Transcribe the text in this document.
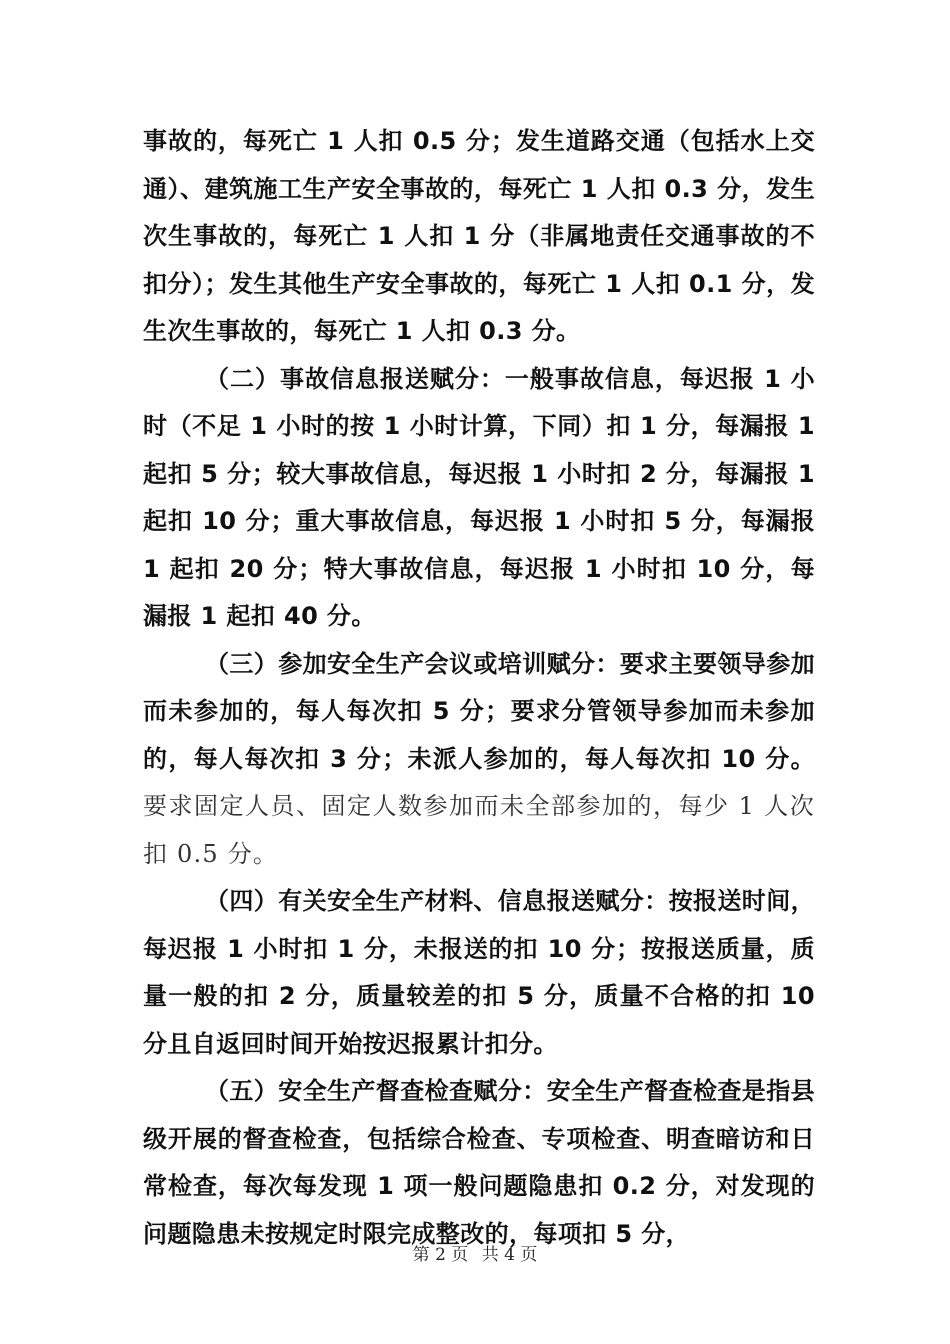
事故的，每死亡 1 人扣 0.5 分；发生道路交通（包括水上交通）、建筑施工生产安全事故的，每死亡 1 人扣 0.3 分，发生次生事故的，每死亡 1 人扣 1 分（非属地责任交通事故的不扣分）；发生其他生产安全事故的，每死亡 1 人扣 0.1 分，发生次生事故的，每死亡 1 人扣 0.3 分。

（二）事故信息报送赋分：一般事故信息，每迟报 1 小时（不足 1 小时的按 1 小时计算，下同）扣 1 分，每漏报 1 起扣 5 分；较大事故信息，每迟报 1 小时扣 2 分，每漏报 1 起扣 10 分；重大事故信息，每迟报 1 小时扣 5 分，每漏报 1 起扣 20 分；特大事故信息，每迟报 1 小时扣 10 分，每漏报 1 起扣 40 分。

（三）参加安全生产会议或培训赋分：要求主要领导参加而未参加的，每人每次扣 5 分；要求分管领导参加而未参加的，每人每次扣 3 分；未派人参加的，每人每次扣 10 分。要求固定人员、固定人数参加而未全部参加的，每少 1 人次扣 0.5 分。

（四）有关安全生产材料、信息报送赋分：按报送时间，每迟报 1 小时扣 1 分，未报送的扣 10 分；按报送质量，质量一般的扣 2 分，质量较差的扣 5 分，质量不合格的扣 10 分且自返回时间开始按迟报累计扣分。

（五）安全生产督查检查赋分：安全生产督查检查是指县级开展的督查检查，包括综合检查、专项检查、明查暗访和日常检查，每次每发现 1 项一般问题隐患扣 0.2 分，对发现的问题隐患未按规定时限完成整改的，每项扣 5 分，

第 2 页 共 4 页
